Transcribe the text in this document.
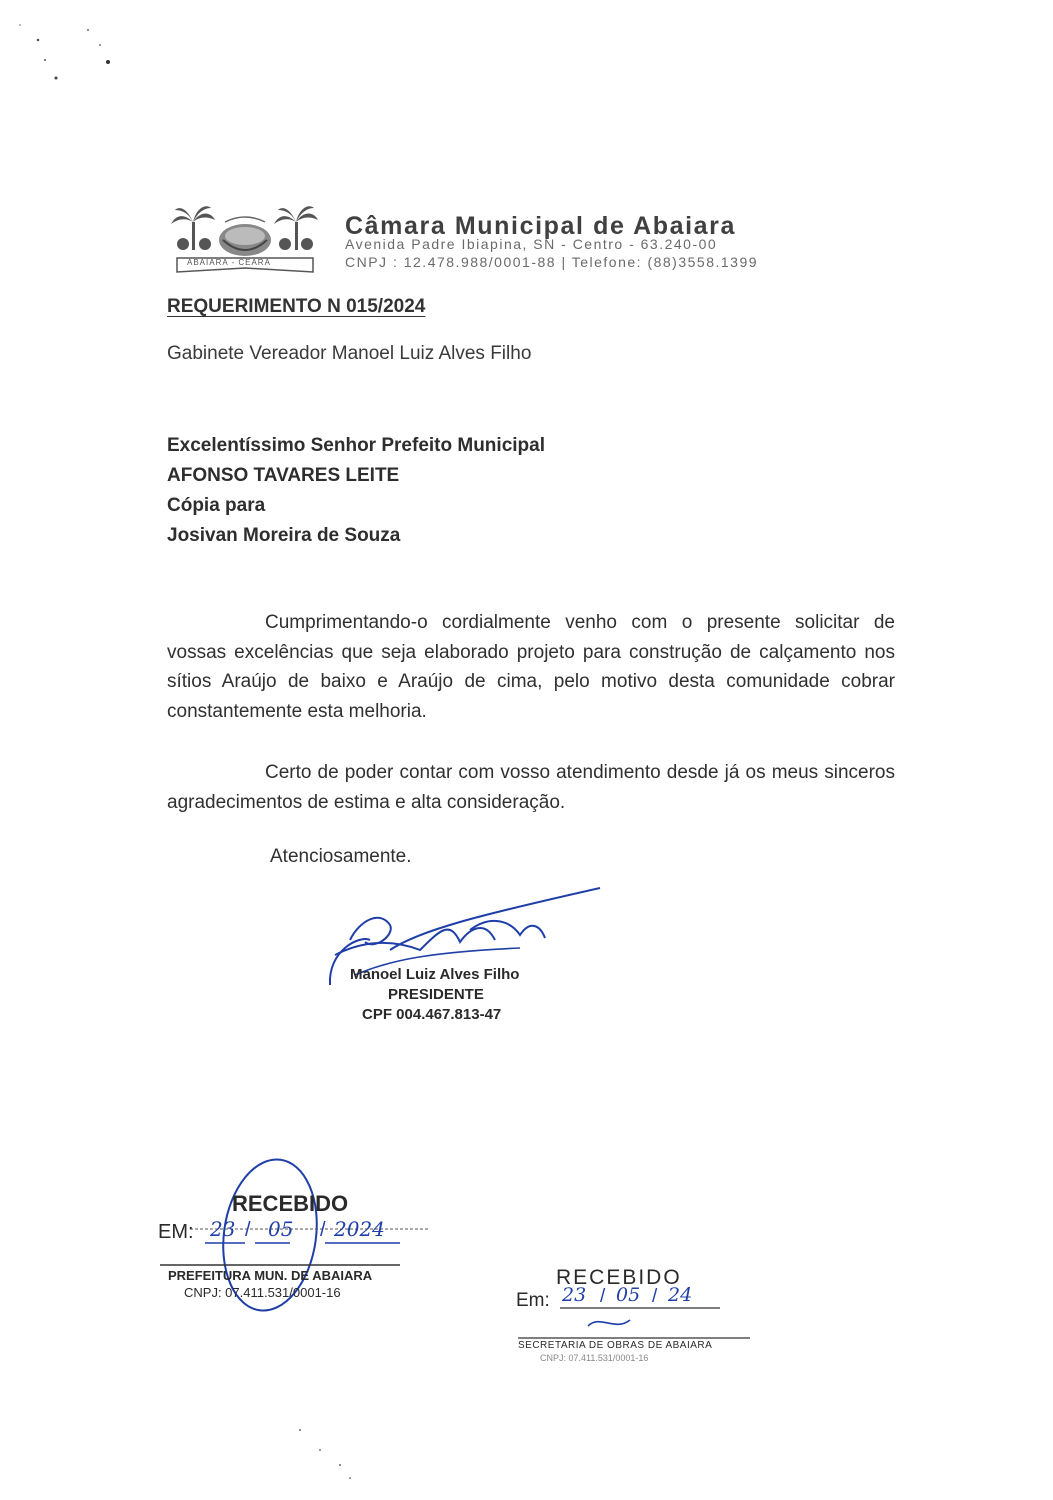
ABAIARA - CEARÁ
Câmara Municipal de Abaiara
Avenida Padre Ibiapina, SN - Centro - 63.240-00
CNPJ : 12.478.988/0001-88 | Telefone: (88)3558.1399
REQUERIMENTO N 015/2024
Gabinete Vereador Manoel Luiz Alves Filho
Excelentíssimo Senhor Prefeito Municipal
AFONSO TAVARES LEITE
Cópia para
Josivan Moreira de Souza
Cumprimentando-o cordialmente venho com o presente solicitar de vossas excelências que seja elaborado projeto para construção de calçamento nos sítios Araújo de baixo e Araújo de cima, pelo motivo desta comunidade cobrar constantemente esta melhoria.
Certo de poder contar com vosso atendimento desde já os meus sinceros agradecimentos de estima e alta consideração.
Atenciosamente.
Manoel Luiz Alves Filho
PRESIDENTE
CPF 004.467.813-47
RECEBIDO
EM: 23 / 05 / 2024
PREFEITURA MUN. DE ABAIARA
CNPJ: 07.411.531/0001-16
RECEBIDO
Em: 23 / 05 / 24
SECRETARIA DE OBRAS DE ABAIARA
CNPJ: 07.411.531/0001-16
